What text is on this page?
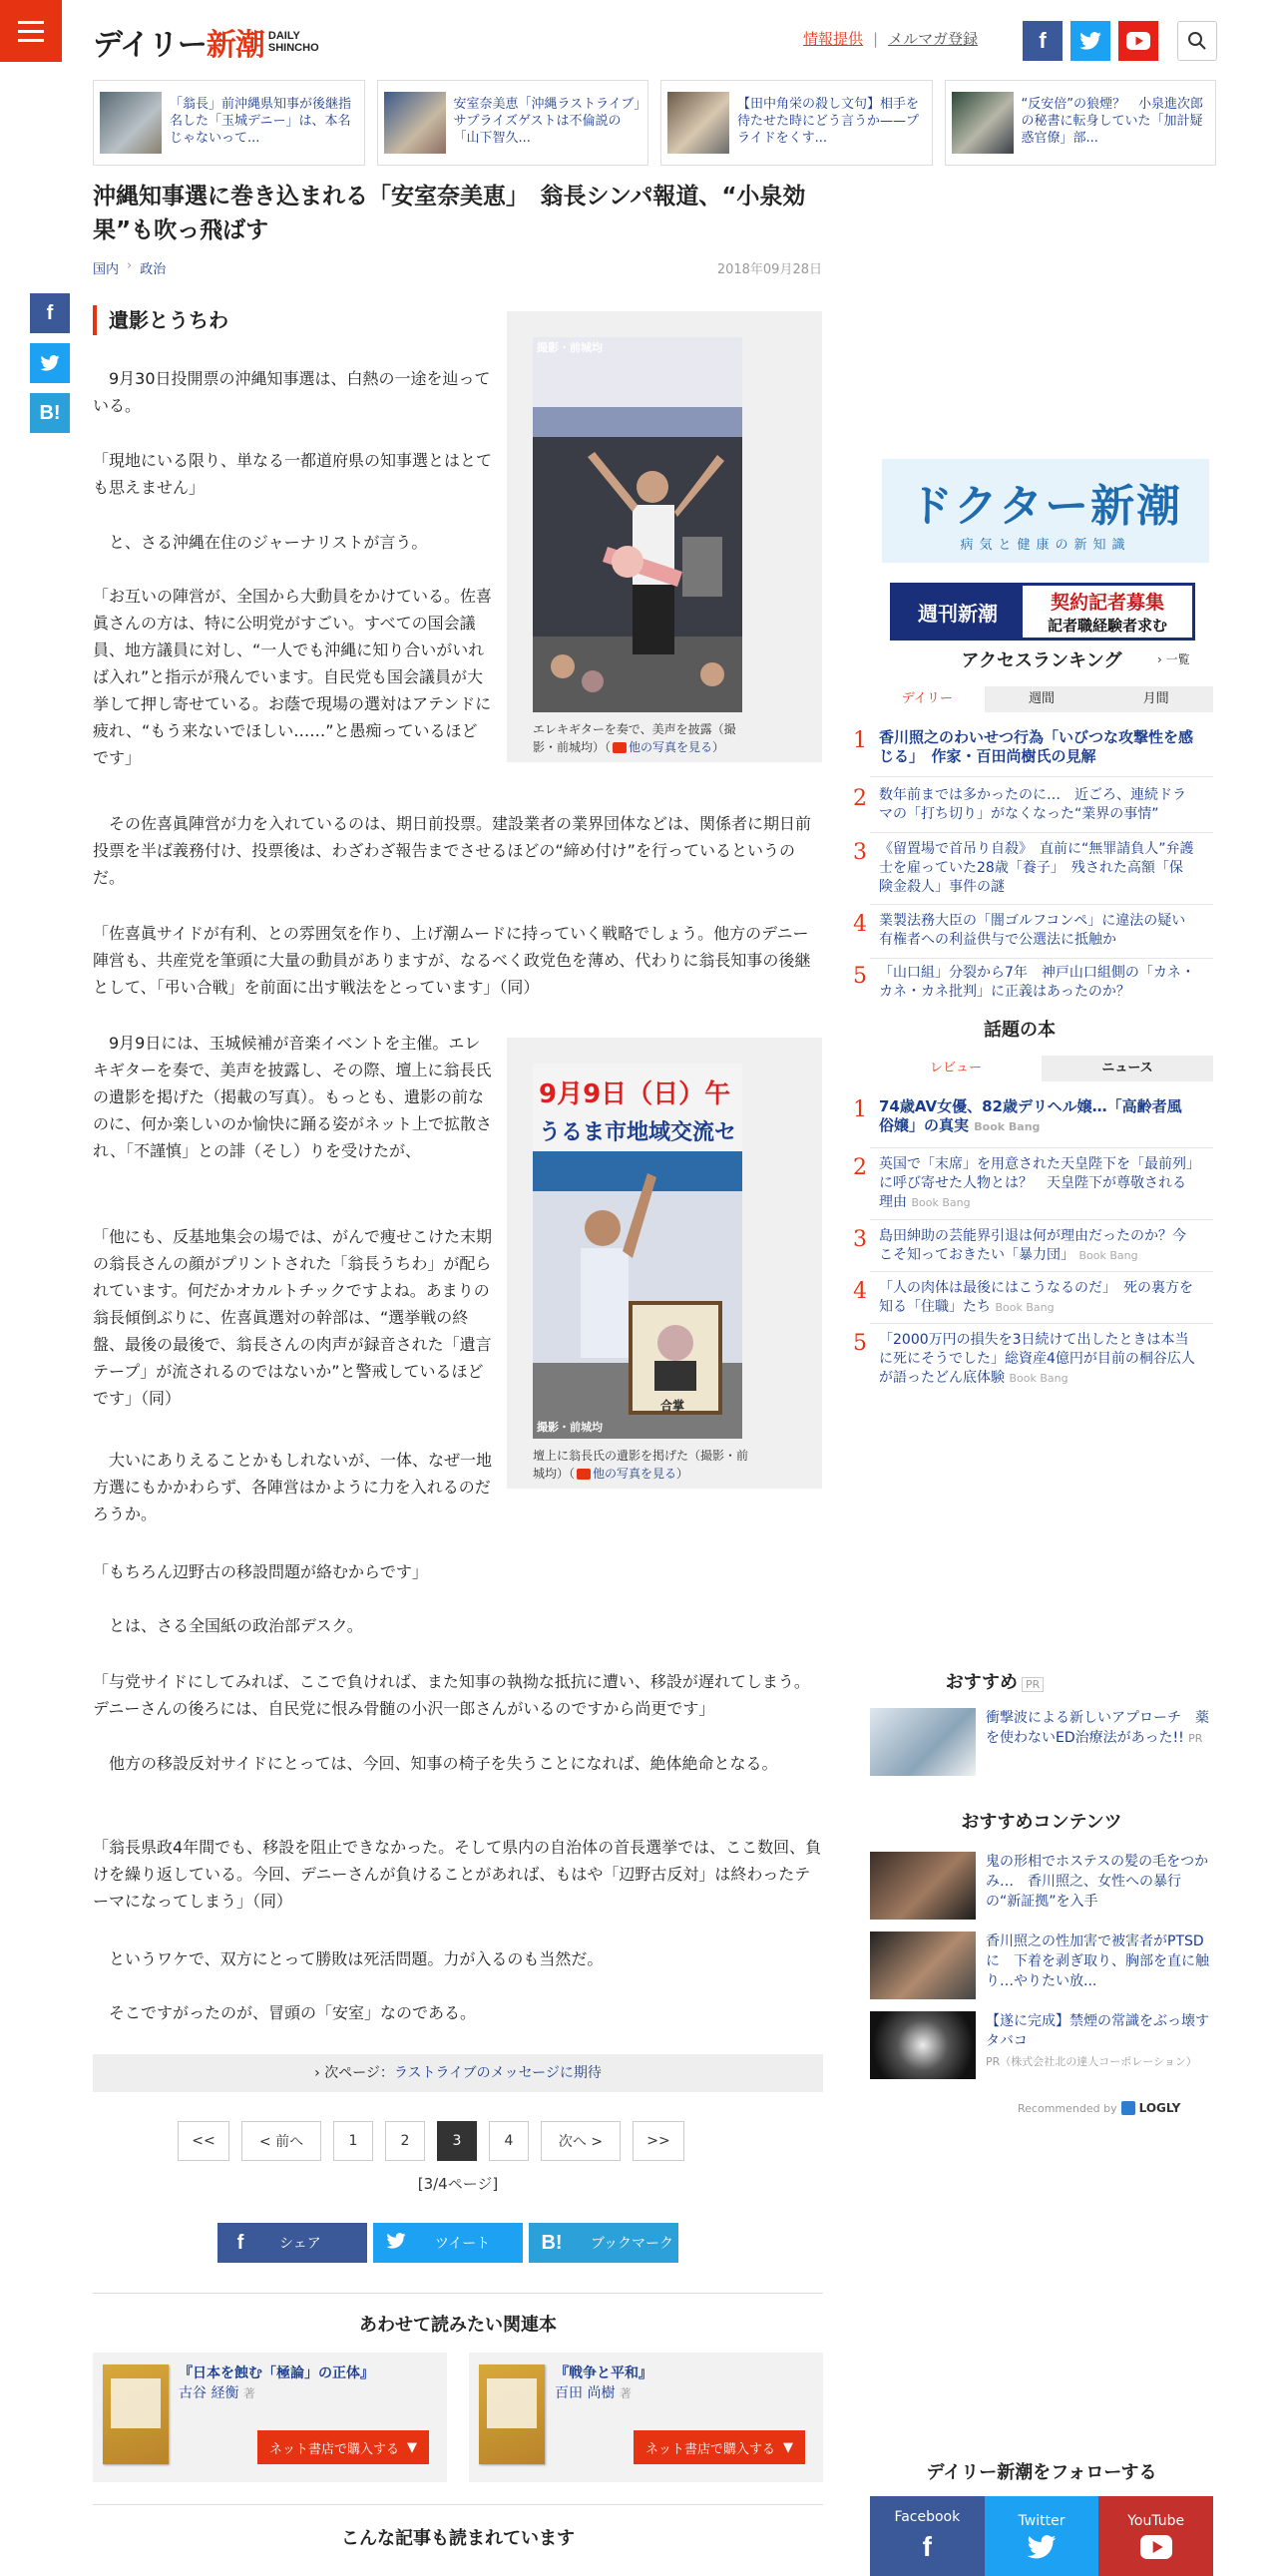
デイリー新潮 DAILY
SHINCHO	情報提供 | メルマガ登録	f
「翁長」前沖縄県知事が後継指名した「玉城デニー」は、本名じゃないって...
安室奈美恵「沖縄ラストライブ」　サプライズゲストは不倫説の「山下智久...
【田中角栄の殺し文句】相手を待たせた時にどう言うか——プライドをくす...
“反安倍”の狼煙？　小泉進次郎の秘書に転身していた「加計疑惑官僚」部...
沖縄知事選に巻き込まれる「安室奈美恵」　翁長シンパ報道、“小泉効果”も吹っ飛ばす
国内 › 政治	2018年09月28日
f
B!
遺影とうちわ
　9月30日投開票の沖縄知事選は、白熱の一途を辿っている。
「現地にいる限り、単なる一都道府県の知事選とはとても思えません」
　と、さる沖縄在住のジャーナリストが言う。
「お互いの陣営が、全国から大動員をかけている。佐喜眞さんの方は、特に公明党がすごい。すべての国会議員、地方議員に対し、“一人でも沖縄に知り合いがいれば入れ”と指示が飛んでいます。自民党も国会議員が大挙して押し寄せている。お蔭で現場の選対はアテンドに疲れ、“もう来ないでほしい……”と愚痴っているほどです」
　その佐喜眞陣営が力を入れているのは、期日前投票。建設業者の業界団体などは、関係者に期日前投票を半ば義務付け、投票後は、わざわざ報告までさせるほどの“締め付け”を行っているというのだ。
「佐喜眞サイドが有利、との雰囲気を作り、上げ潮ムードに持っていく戦略でしょう。他方のデニー陣営も、共産党を筆頭に大量の動員がありますが、なるべく政党色を薄め、代わりに翁長知事の後継として、「弔い合戦」を前面に出す戦法をとっています」（同）
　9月9日には、玉城候補が音楽イベントを主催。エレキギターを奏で、美声を披露し、その際、壇上に翁長氏の遺影を掲げた（掲載の写真）。もっとも、遺影の前なのに、何か楽しいのか愉快に踊る姿がネット上で拡散され、「不謹慎」との誹（そし）りを受けたが、
「他にも、反基地集会の場では、がんで痩せこけた末期の翁長さんの顔がプリントされた「翁長うちわ」が配られています。何だかオカルトチックですよね。あまりの翁長傾倒ぶりに、佐喜眞選対の幹部は、“選挙戦の終盤、最後の最後で、翁長さんの肉声が録音された「遺言テープ」が流されるのではないか”と警戒しているほどです」（同）
　大いにありえることかもしれないが、一体、なぜ一地方選にもかかわらず、各陣営はかように力を入れるのだろうか。
「もちろん辺野古の移設問題が絡むからです」
　とは、さる全国紙の政治部デスク。
「与党サイドにしてみれば、ここで負ければ、また知事の執拗な抵抗に遭い、移設が遅れてしまう。デニーさんの後ろには、自民党に恨み骨髄の小沢一郎さんがいるのですから尚更です」
　他方の移設反対サイドにとっては、今回、知事の椅子を失うことになれば、絶体絶命となる。
「翁長県政4年間でも、移設を阻止できなかった。そして県内の自治体の首長選挙では、ここ数回、負けを繰り返している。今回、デニーさんが負けることがあれば、もはや「辺野古反対」は終わったテーマになってしまう」（同）
　というワケで、双方にとって勝敗は死活問題。力が入るのも当然だ。
　そこですがったのが、冒頭の「安室」なのである。
撮影・前城均
エレキギターを奏で、美声を披露（撮影・前城均）（ 他の写真を見る）
9月9日（日）午
うるま市地域交流セ
合掌
撮影・前城均
壇上に翁長氏の遺影を掲げた（撮影・前城均）（ 他の写真を見る）
› 次ページ：ラストライブのメッセージに期待
<<	< 前へ	1	2	3	4	次へ >	>>
[3/4ページ]
f	シェア	ツイート	B!	ブックマーク
あわせて読みたい関連本
『日本を蝕む「極論」の正体』
古谷 経衡 著
ネット書店で購入する ▼
『戦争と平和』
百田 尚樹 著
ネット書店で購入する ▼
こんな記事も読まれています
ドクター新潮
病気と健康の新知識
週刊新潮	契約記者募集
記者職経験者求む
アクセスランキング	› 一覧
デイリー	週間	月間
1 香川照之のわいせつ行為「いびつな攻撃性を感じる」　作家・百田尚樹氏の見解
2 数年前までは多かったのに…　近ごろ、連続ドラマの「打ち切り」がなくなった“業界の事情”
3 《留置場で首吊り自殺》　直前に“無罪請負人”弁護士を雇っていた28歳「養子」　残された高額「保険金殺人」事件の謎
4 業製法務大臣の「闇ゴルフコンペ」に違法の疑い　有権者への利益供与で公選法に抵触か
5 「山口組」分裂から7年　神戸山口組側の「カネ・カネ・カネ批判」に正義はあったのか？
話題の本
レビュー	ニュース
1 74歳AV女優、82歳デリヘル嬢…「高齢者風俗嬢」の真実 Book Bang
2 英国で「末席」を用意された天皇陛下を「最前列」に呼び寄せた人物とは？　天皇陛下が尊敬される理由 Book Bang
3 島田紳助の芸能界引退は何が理由だったのか？今こそ知っておきたい「暴力団」 Book Bang
4 「人の肉体は最後にはこうなるのだ」　死の裏方を知る「住職」たち Book Bang
5 「2000万円の損失を3日続けて出したときは本当に死にそうでした」総資産4億円が目前の桐谷広人が語ったどん底体験 Book Bang
おすすめ PR
衝撃波による新しいアプローチ　薬を使わないED治療法があった!! PR
おすすめコンテンツ
鬼の形相でホステスの髪の毛をつかみ…　香川照之、女性への暴行の“新証拠”を入手
香川照之の性加害で被害者がPTSDに　下着を剥ぎ取り、胸部を直に触り…やりたい放...
【遂に完成】禁煙の常識をぶっ壊すタバコ
PR（株式会社北の達人コーポレーション）
Recommended by LOGLY
デイリー新潮をフォローする
Facebook
f
Twitter	YouTube
